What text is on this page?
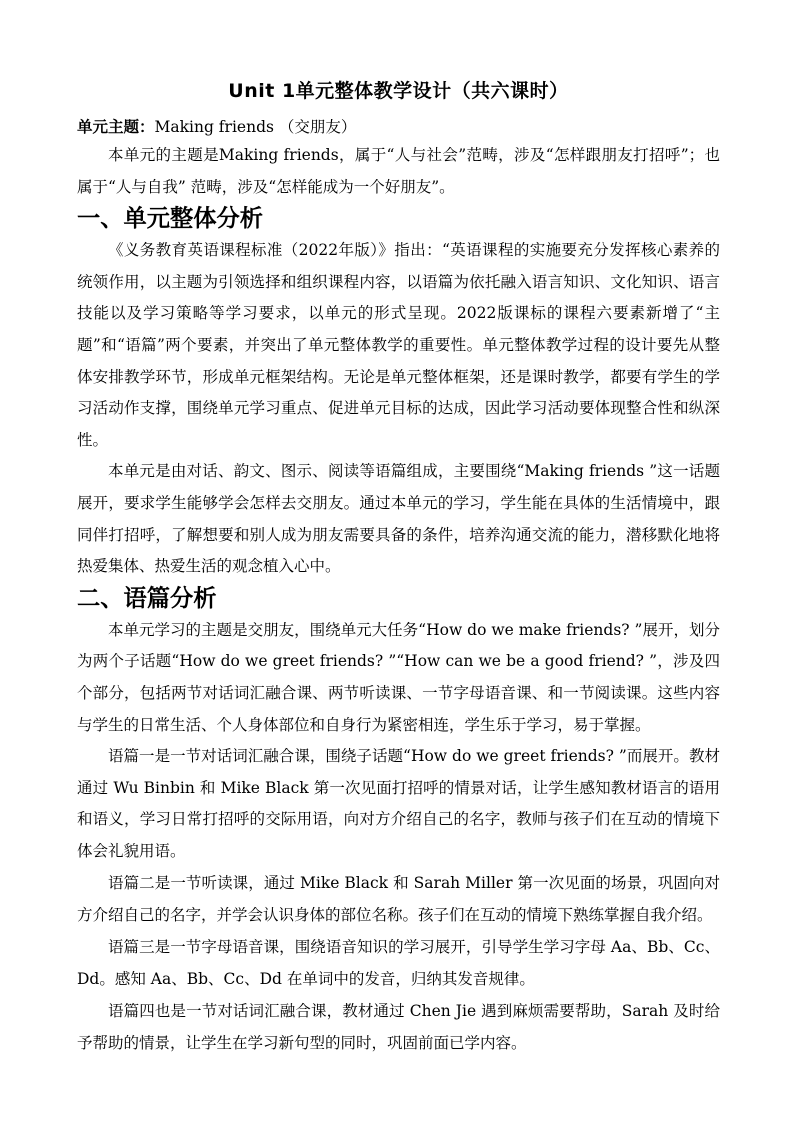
Unit 1单元整体教学设计（共六课时）

单元主题：Making friends （交朋友）

本单元的主题是Making friends，属于“人与社会”范畴，涉及“怎样跟朋友打招呼”；也属于“人与自我” 范畴，涉及“怎样能成为一个好朋友”。

一、单元整体分析

《义务教育英语课程标准（2022年版）》指出：“英语课程的实施要充分发挥核心素养的统领作用，以主题为引领选择和组织课程内容，以语篇为依托融入语言知识、文化知识、语言技能以及学习策略等学习要求，以单元的形式呈现。2022版课标的课程六要素新增了“主题”和“语篇”两个要素，并突出了单元整体教学的重要性。单元整体教学过程的设计要先从整体安排教学环节，形成单元框架结构。无论是单元整体框架，还是课时教学，都要有学生的学习活动作支撑，围绕单元学习重点、促进单元目标的达成，因此学习活动要体现整合性和纵深性。

本单元是由对话、韵文、图示、阅读等语篇组成，主要围绕“Making friends ”这一话题展开，要求学生能够学会怎样去交朋友。通过本单元的学习，学生能在具体的生活情境中，跟同伴打招呼，了解想要和别人成为朋友需要具备的条件，培养沟通交流的能力，潜移默化地将热爱集体、热爱生活的观念植入心中。

二、语篇分析

本单元学习的主题是交朋友，围绕单元大任务“How do we make friends? ”展开，划分为两个子话题“How do we greet friends? ”“How can we be a good friend? ”，涉及四个部分，包括两节对话词汇融合课、两节听读课、一节字母语音课、和一节阅读课。这些内容与学生的日常生活、个人身体部位和自身行为紧密相连，学生乐于学习，易于掌握。

语篇一是一节对话词汇融合课，围绕子话题“How do we greet friends? ”而展开。教材通过 Wu Binbin 和 Mike Black 第一次见面打招呼的情景对话，让学生感知教材语言的语用和语义，学习日常打招呼的交际用语，向对方介绍自己的名字，教师与孩子们在互动的情境下体会礼貌用语。

语篇二是一节听读课，通过 Mike Black 和 Sarah Miller 第一次见面的场景，巩固向对方介绍自己的名字，并学会认识身体的部位名称。孩子们在互动的情境下熟练掌握自我介绍。

语篇三是一节字母语音课，围绕语音知识的学习展开，引导学生学习字母 Aa、Bb、Cc、Dd。感知 Aa、Bb、Cc、Dd 在单词中的发音，归纳其发音规律。

语篇四也是一节对话词汇融合课，教材通过 Chen Jie 遇到麻烦需要帮助，Sarah 及时给予帮助的情景，让学生在学习新句型的同时，巩固前面已学内容。
